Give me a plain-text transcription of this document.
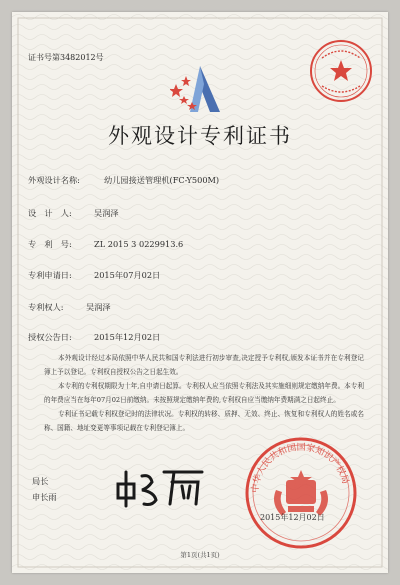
证书号第3482012号
外观设计专利证书
外观设计名称:	幼儿园接送管理机(FC-Y500M)
设　计　人:	吴润泽
专　利　号:	ZL 2015 3 0229913.6
专利申请日:	2015年07月02日
专利权人:	吴润泽
授权公告日:	2015年12月02日
本外观设计经过本局依照中华人民共和国专利法进行初步审查,决定授予专利权,颁发本证书并在专利登记簿上予以登记。专利权自授权公告之日起生效。
本专利的专利权期限为十年,自申请日起算。专利权人应当依照专利法及其实施细则规定缴纳年费。本专利的年费应当在每年07月02日前缴纳。未按照规定缴纳年费的,专利权自应当缴纳年费期满之日起终止。
专利证书记载专利权登记时的法律状况。专利权的转移、质押、无效、终止、恢复和专利权人的姓名或名称、国籍、地址变更等事项记载在专利登记簿上。
局长
申长雨
中华人民共和国国家知识产权局
2015年12月02日
第1页(共1页)
